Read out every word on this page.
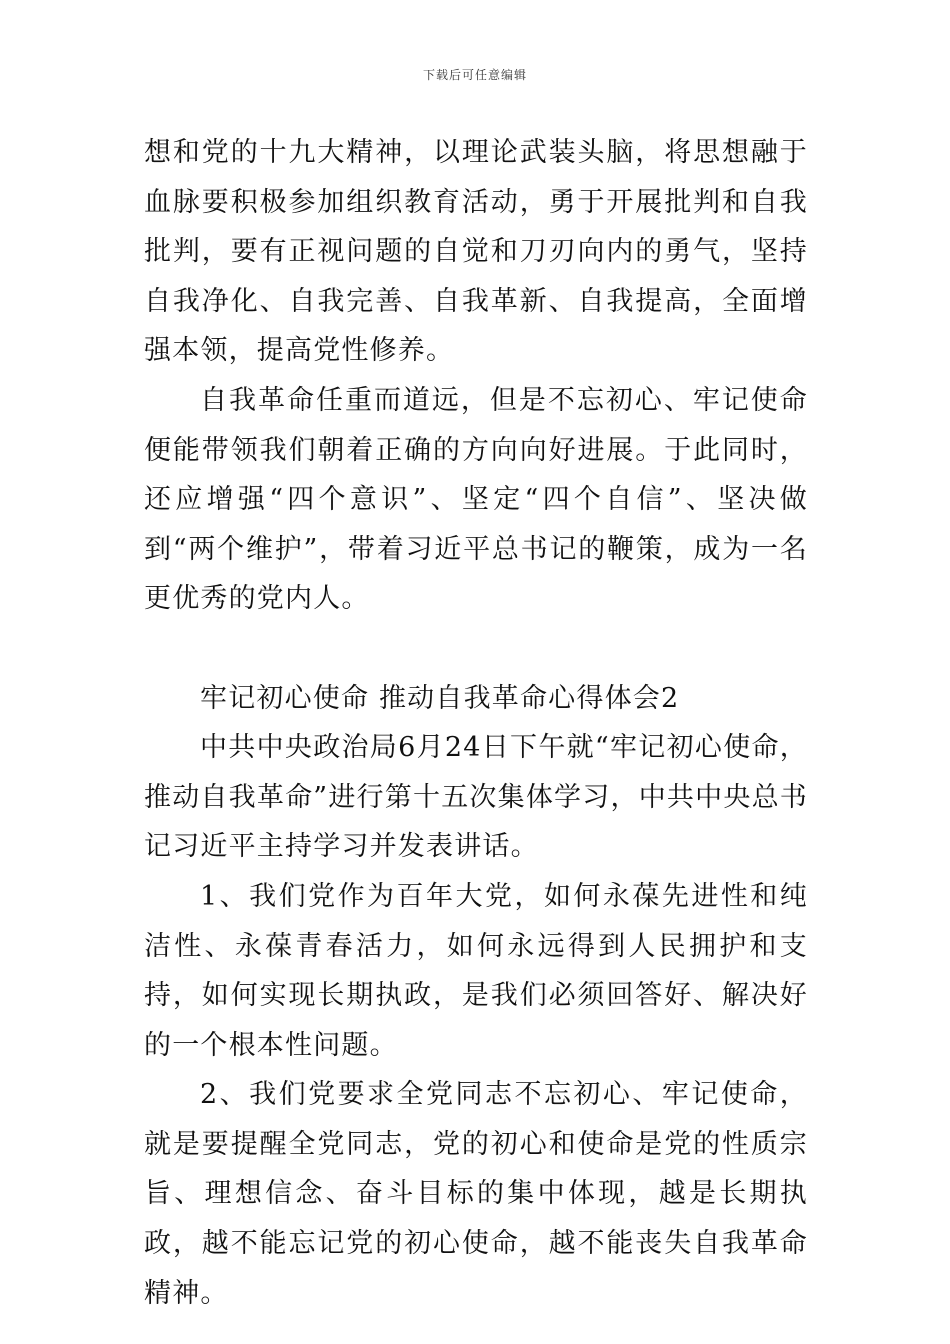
下载后可任意编辑

想和党的十九大精神，以理论武装头脑，将思想融于血脉要积极参加组织教育活动，勇于开展批判和自我批判，要有正视问题的自觉和刀刃向内的勇气，坚持自我净化、自我完善、自我革新、自我提高，全面增强本领，提高党性修养。

自我革命任重而道远，但是不忘初心、牢记使命便能带领我们朝着正确的方向向好进展。于此同时，还应增强“四个意识”、坚定“四个自信”、坚决做到“两个维护”，带着习近平总书记的鞭策，成为一名更优秀的党内人。

牢记初心使命 推动自我革命心得体会2

中共中央政治局6月24日下午就“牢记初心使命，推动自我革命”进行第十五次集体学习，中共中央总书记习近平主持学习并发表讲话。

1、我们党作为百年大党，如何永葆先进性和纯洁性、永葆青春活力，如何永远得到人民拥护和支持，如何实现长期执政，是我们必须回答好、解决好的一个根本性问题。

2、我们党要求全党同志不忘初心、牢记使命，就是要提醒全党同志，党的初心和使命是党的性质宗旨、理想信念、奋斗目标的集中体现，越是长期执政，越不能忘记党的初心使命，越不能丧失自我革命精神。
